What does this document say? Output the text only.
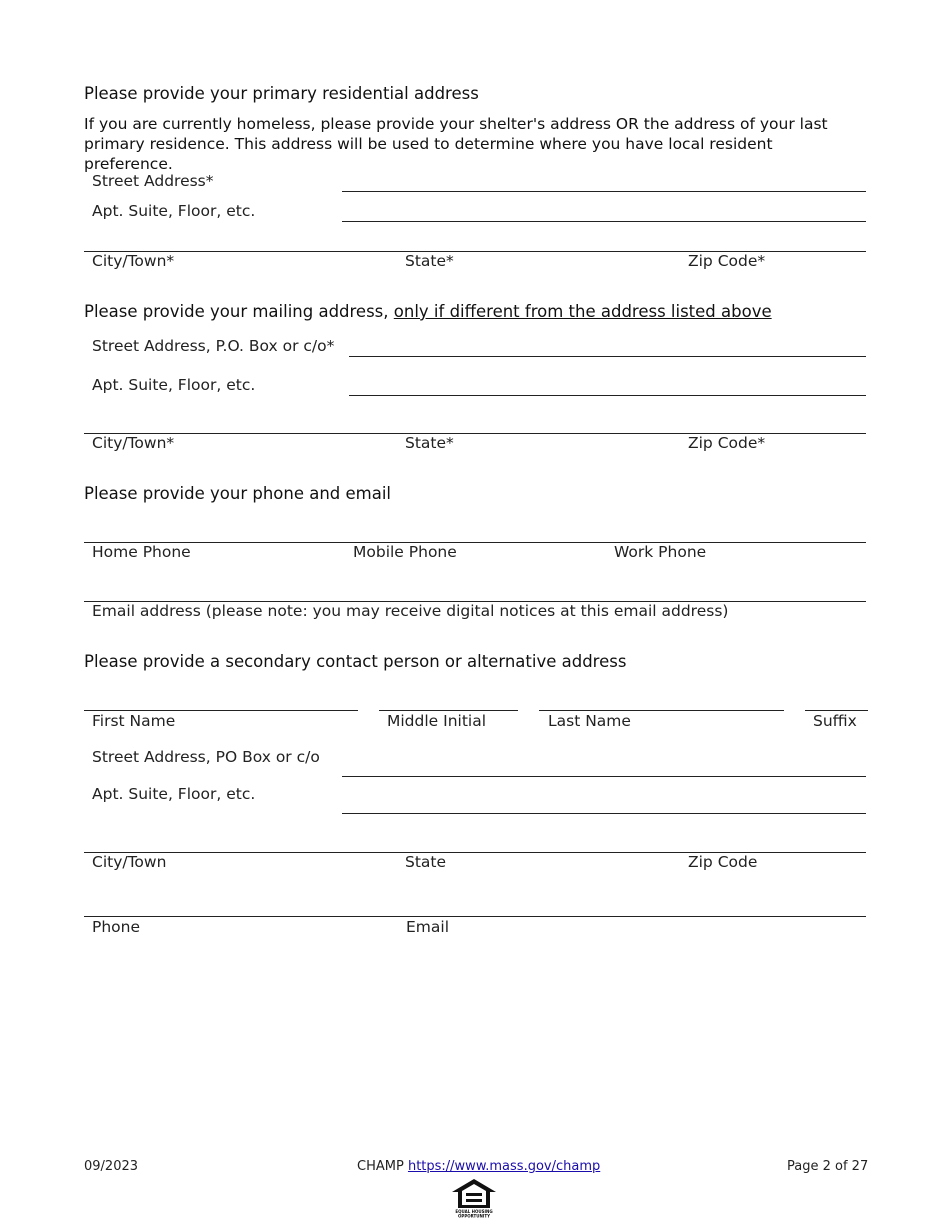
Please provide your primary residential address
If you are currently homeless, please provide your shelter's address OR the address of your last primary residence. This address will be used to determine where you have local resident preference.
Street Address*
Apt. Suite, Floor, etc.
City/Town*	State*	Zip Code*
Please provide your mailing address, only if different from the address listed above
Street Address, P.O. Box or c/o*
Apt. Suite, Floor, etc.
City/Town*	State*	Zip Code*
Please provide your phone and email
Home Phone	Mobile Phone	Work Phone
Email address (please note: you may receive digital notices at this email address)
Please provide a secondary contact person or alternative address
First Name	Middle Initial	Last Name	Suffix
Street Address, PO Box or c/o
Apt. Suite, Floor, etc.
City/Town	State	Zip Code
Phone	Email
09/2023	CHAMP https://www.mass.gov/champ	Page 2 of 27
EQUAL HOUSING
OPPORTUNITY
